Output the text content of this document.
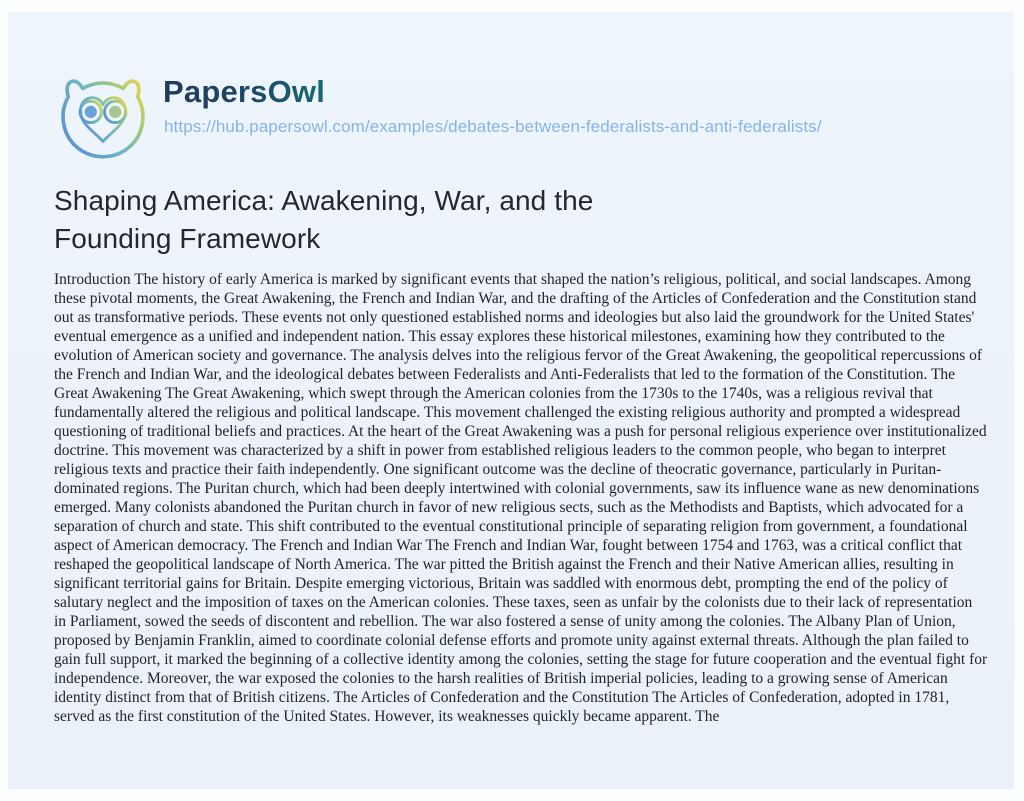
PapersOwl
https://hub.papersowl.com/examples/debates-between-federalists-and-anti-federalists/
Shaping America: Awakening, War, and the
Founding Framework

Introduction The history of early America is marked by significant events that shaped the nation’s religious, political, and social landscapes. Among these pivotal moments, the Great Awakening, the French and Indian War, and the drafting of the Articles of Confederation and the Constitution stand out as transformative periods. These events not only questioned established norms and ideologies but also laid the groundwork for the United States' eventual emergence as a unified and independent nation. This essay explores these historical milestones, examining how they contributed to the evolution of American society and governance. The analysis delves into the religious fervor of the Great Awakening, the geopolitical repercussions of the French and Indian War, and the ideological debates between Federalists and Anti-Federalists that led to the formation of the Constitution. The Great Awakening The Great Awakening, which swept through the American colonies from the 1730s to the 1740s, was a religious revival that fundamentally altered the religious and political landscape. This movement challenged the existing religious authority and prompted a widespread questioning of traditional beliefs and practices. At the heart of the Great Awakening was a push for personal religious experience over institutionalized doctrine. This movement was characterized by a shift in power from established religious leaders to the common people, who began to interpret religious texts and practice their faith independently. One significant outcome was the decline of theocratic governance, particularly in Puritan-dominated regions. The Puritan church, which had been deeply intertwined with colonial governments, saw its influence wane as new denominations emerged. Many colonists abandoned the Puritan church in favor of new religious sects, such as the Methodists and Baptists, which advocated for a separation of church and state. This shift contributed to the eventual constitutional principle of separating religion from government, a foundational aspect of American democracy. The French and Indian War The French and Indian War, fought between 1754 and 1763, was a critical conflict that reshaped the geopolitical landscape of North America. The war pitted the British against the French and their Native American allies, resulting in significant territorial gains for Britain. Despite emerging victorious, Britain was saddled with enormous debt, prompting the end of the policy of salutary neglect and the imposition of taxes on the American colonies. These taxes, seen as unfair by the colonists due to their lack of representation in Parliament, sowed the seeds of discontent and rebellion. The war also fostered a sense of unity among the colonies. The Albany Plan of Union, proposed by Benjamin Franklin, aimed to coordinate colonial defense efforts and promote unity against external threats. Although the plan failed to gain full support, it marked the beginning of a collective identity among the colonies, setting the stage for future cooperation and the eventual fight for independence. Moreover, the war exposed the colonies to the harsh realities of British imperial policies, leading to a growing sense of American identity distinct from that of British citizens. The Articles of Confederation and the Constitution The Articles of Confederation, adopted in 1781, served as the first constitution of the United States. However, its weaknesses quickly became apparent. The
